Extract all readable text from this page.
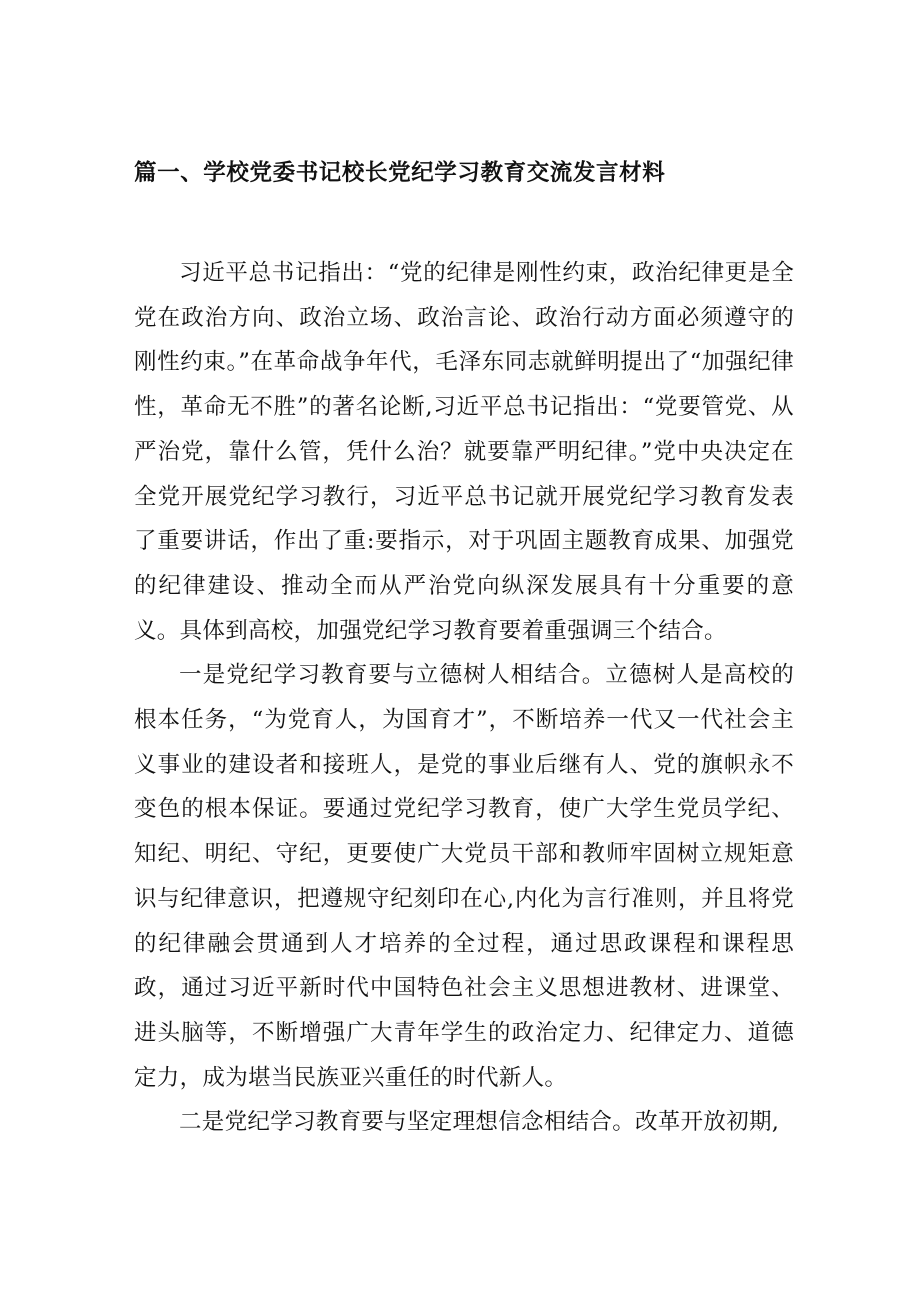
篇一、学校党委书记校长党纪学习教育交流发言材料

习近平总书记指出：“党的纪律是刚性约束，政治纪律更是全党在政治方向、政治立场、政治言论、政治行动方面必须遵守的刚性约束。”在革命战争年代，毛泽东同志就鲜明提出了“加强纪律性，革命无不胜”的著名论断,习近平总书记指出：“党要管党、从严治党，靠什么管，凭什么治？就要靠严明纪律。”党中央决定在全党开展党纪学习教行，习近平总书记就开展党纪学习教育发表了重要讲话，作出了重:要指示，对于巩固主题教育成果、加强党的纪律建设、推动全而从严治党向纵深发展具有十分重要的意义。具体到高校，加强党纪学习教育要着重强调三个结合。

一是党纪学习教育要与立德树人相结合。立德树人是高校的根本任务，“为党育人，为国育才”，不断培养一代又一代社会主义事业的建设者和接班人，是党的事业后继有人、党的旗帜永不变色的根本保证。要通过党纪学习教育，使广大学生党员学纪、知纪、明纪、守纪，更要使广大党员干部和教师牢固树立规矩意识与纪律意识，把遵规守纪刻印在心,内化为言行准则，并且将党的纪律融会贯通到人才培养的全过程，通过思政课程和课程思政，通过习近平新时代中国特色社会主义思想进教材、进课堂、进头脑等，不断增强广大青年学生的政治定力、纪律定力、道德定力，成为堪当民族亚兴重任的时代新人。

二是党纪学习教育要与坚定理想信念相结合。改革开放初期,
